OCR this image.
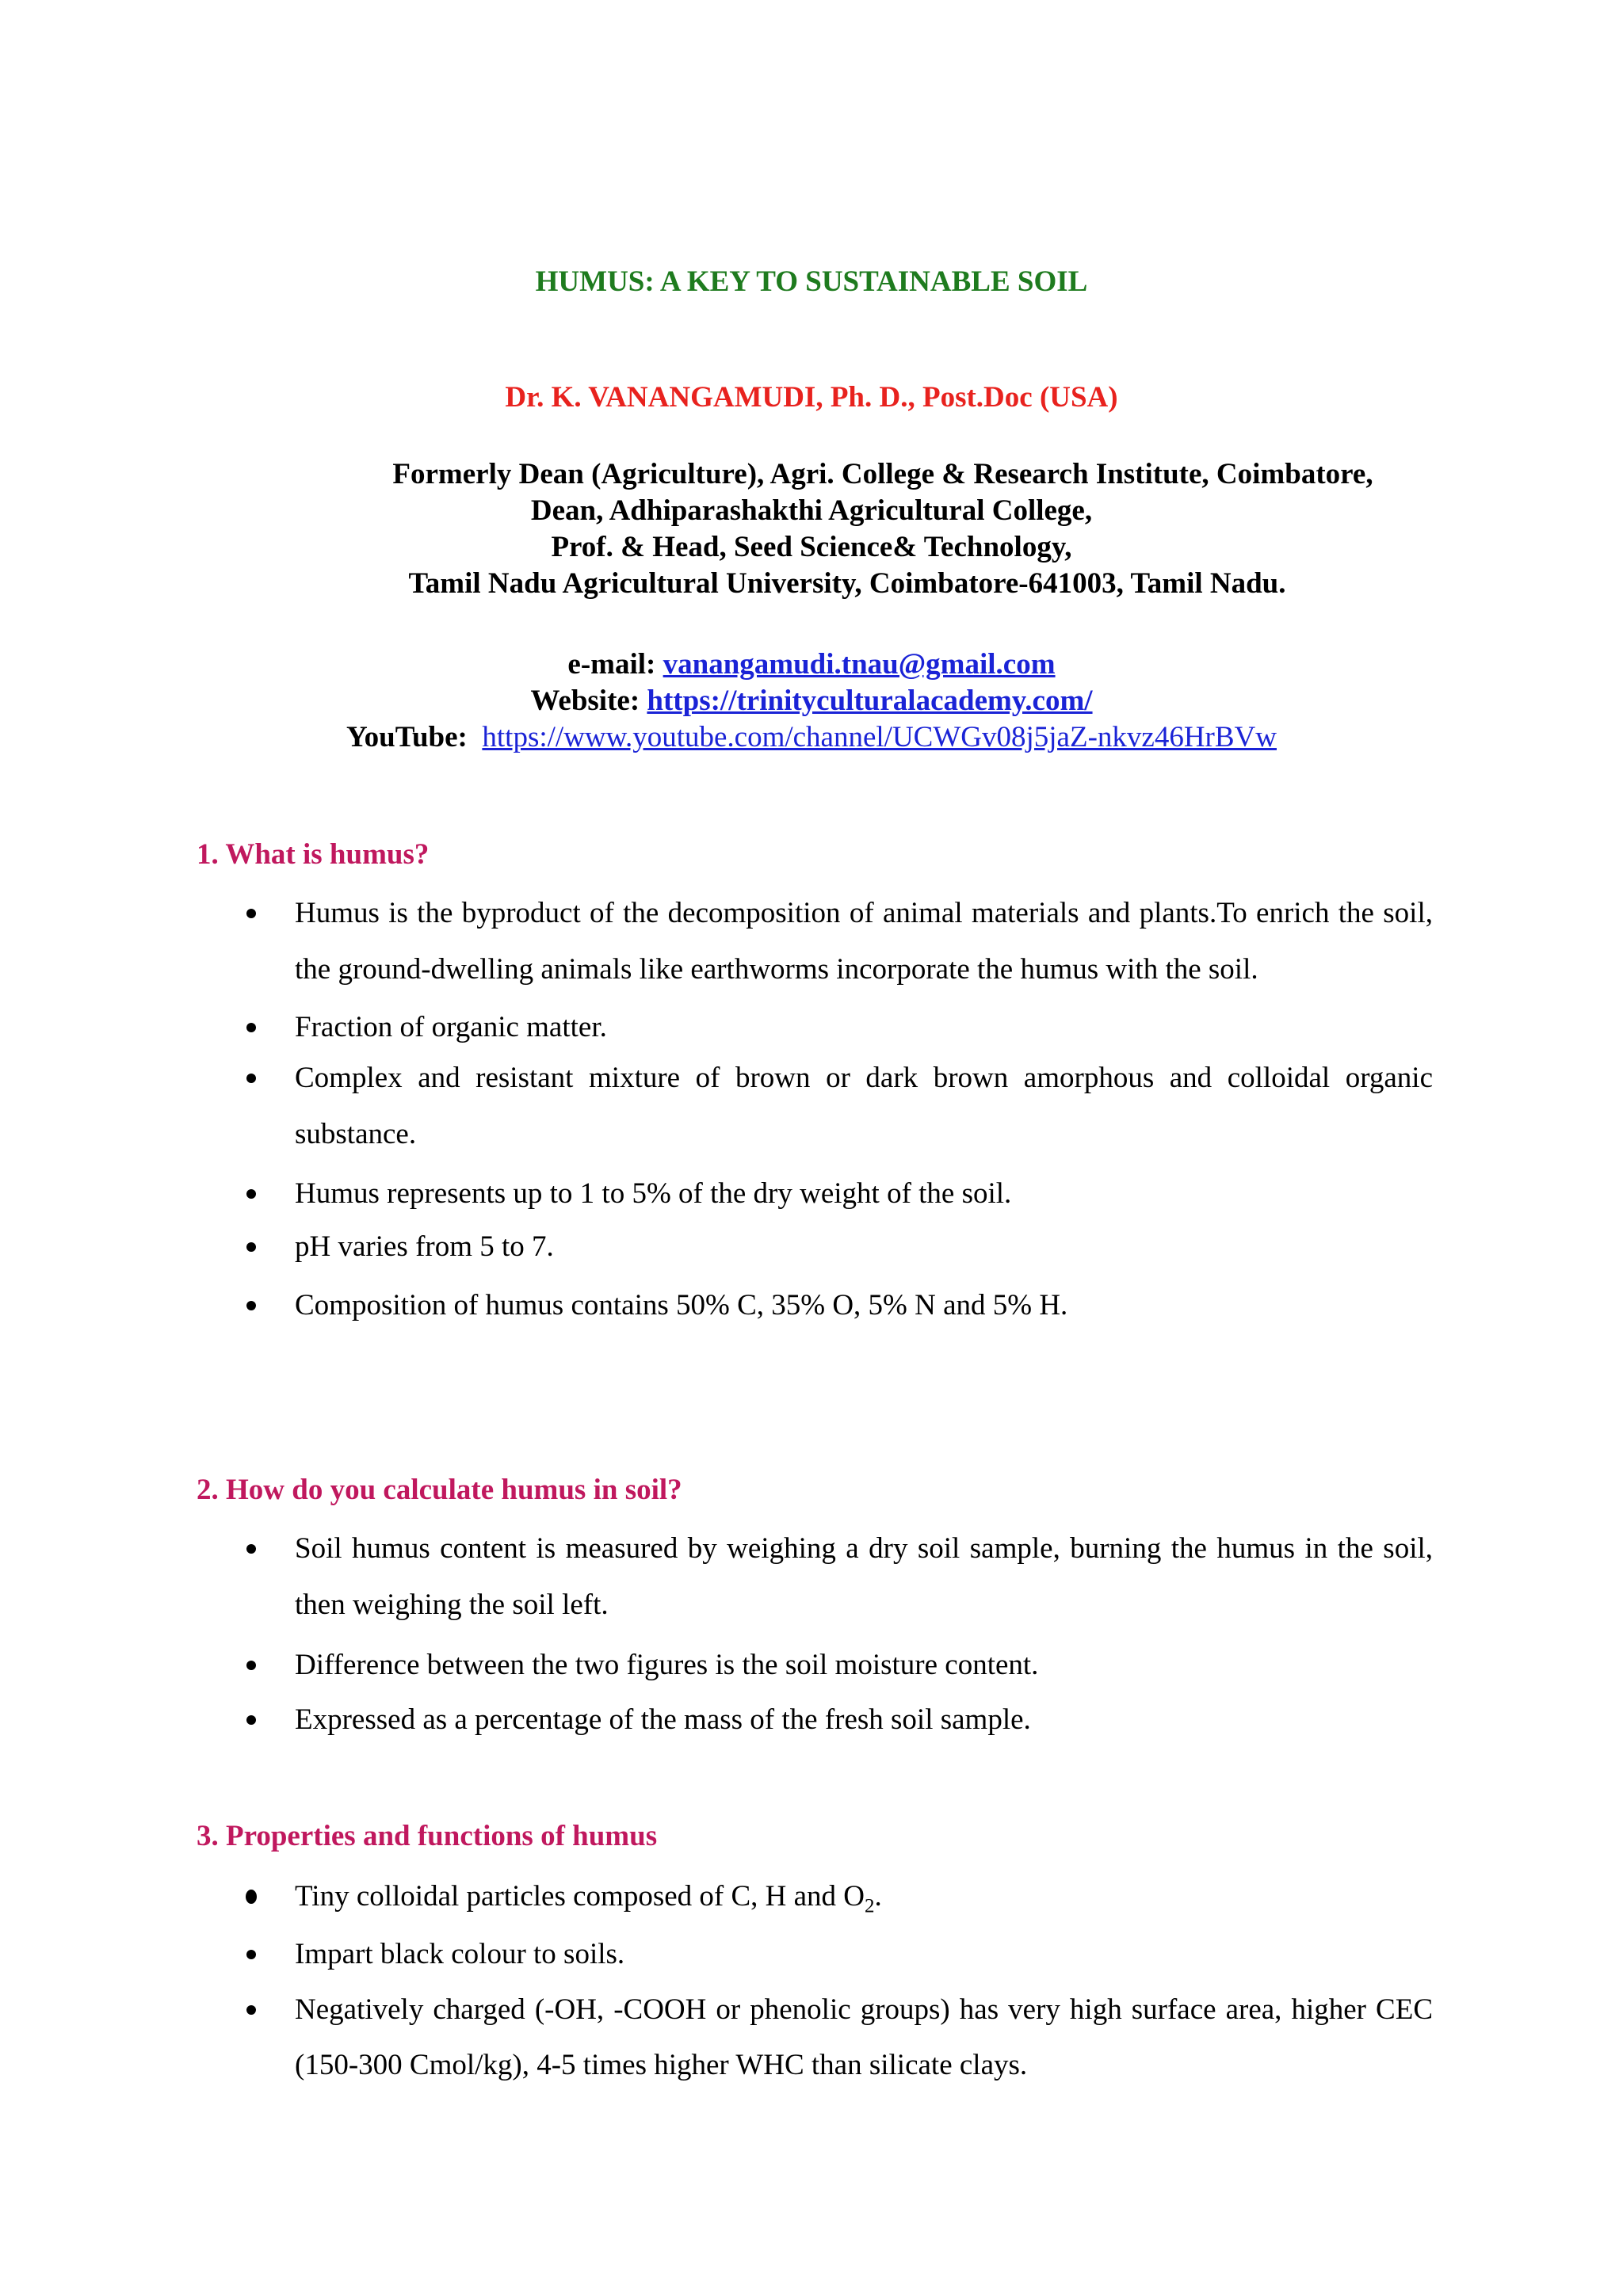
HUMUS: A KEY TO SUSTAINABLE SOIL
Dr. K. VANANGAMUDI, Ph. D., Post.Doc (USA)
Formerly Dean (Agriculture), Agri. College & Research Institute, Coimbatore,
Dean, Adhiparashakthi Agricultural College,
Prof. & Head, Seed Science& Technology,
Tamil Nadu Agricultural University, Coimbatore-641003, Tamil Nadu.
e-mail: vanangamudi.tnau@gmail.com
Website: https://trinityculturalacademy.com/
YouTube: https://www.youtube.com/channel/UCWGv08j5jaZ-nkvz46HrBVw
1. What is humus?
Humus is the byproduct of the decomposition of animal materials and plants.To enrich the soil, the ground-dwelling animals like earthworms incorporate the humus with the soil.
Fraction of organic matter.
Complex and resistant mixture of brown or dark brown amorphous and colloidal organic substance.
Humus represents up to 1 to 5% of the dry weight of the soil.
pH varies from 5 to 7.
Composition of humus contains 50% C, 35% O, 5% N and 5% H.
2. How do you calculate humus in soil?
Soil humus content is measured by weighing a dry soil sample, burning the humus in the soil, then weighing the soil left.
Difference between the two figures is the soil moisture content.
Expressed as a percentage of the mass of the fresh soil sample.
3. Properties and functions of humus
Tiny colloidal particles composed of C, H and $O_2$.
Impart black colour to soils.
Negatively charged (-OH, -COOH or phenolic groups) has very high surface area, higher CEC (150-300 Cmol/kg), 4-5 times higher WHC than silicate clays.
